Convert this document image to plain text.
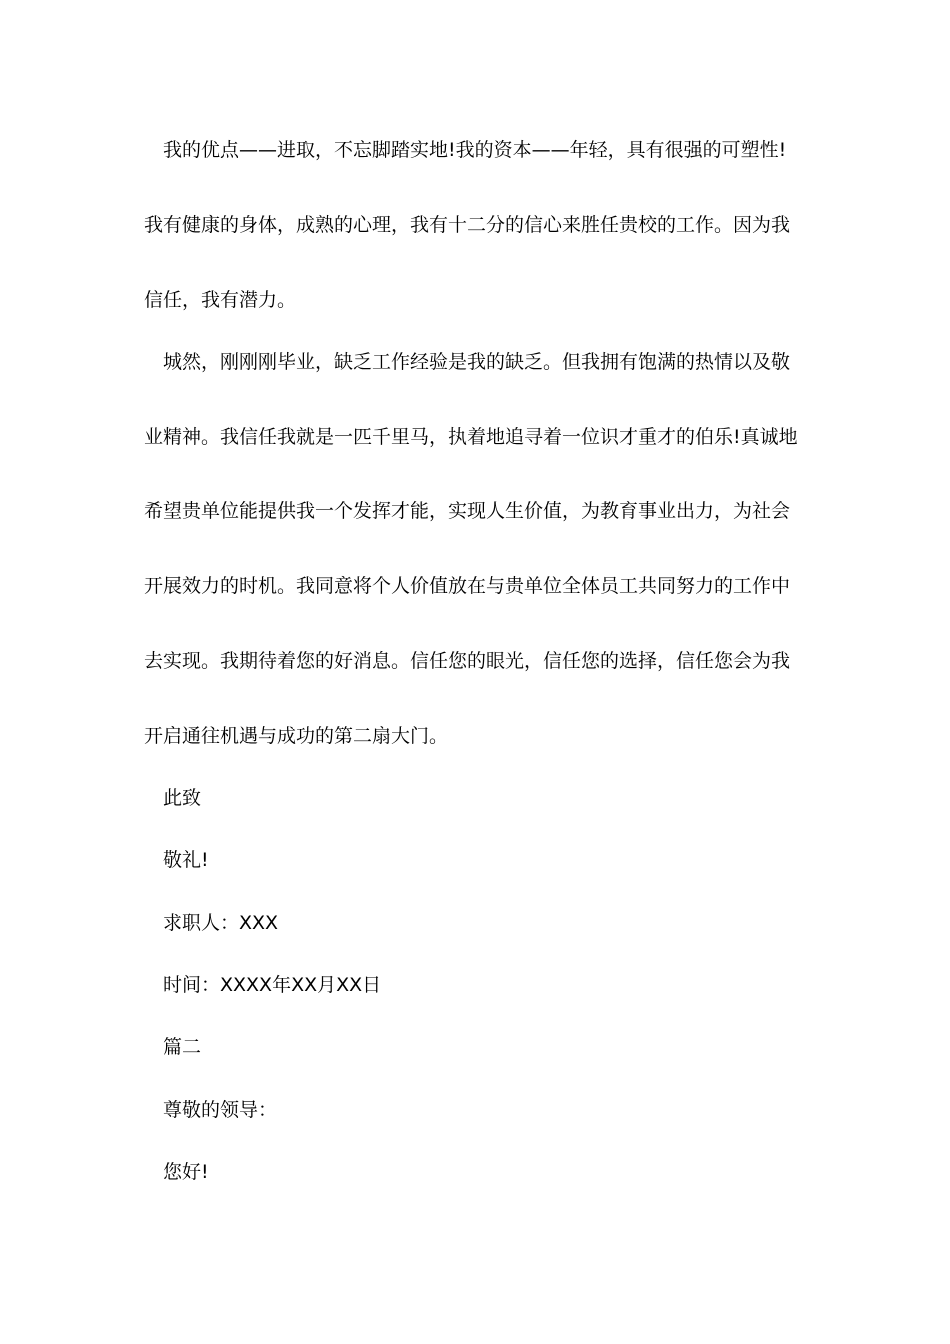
我的优点——进取，不忘脚踏实地!我的资本——年轻，具有很强的可塑性!
我有健康的身体，成熟的心理，我有十二分的信心来胜任贵校的工作。因为我
信任，我有潜力。
城然，刚刚刚毕业，缺乏工作经验是我的缺乏。但我拥有饱满的热情以及敬
业精神。我信任我就是一匹千里马，执着地追寻着一位识才重才的伯乐!真诚地
希望贵单位能提供我一个发挥才能，实现人生价值，为教育事业出力，为社会
开展效力的时机。我同意将个人价值放在与贵单位全体员工共同努力的工作中
去实现。我期待着您的好消息。信任您的眼光，信任您的选择，信任您会为我
开启通往机遇与成功的第二扇大门。
此致
敬礼!
求职人：XXX
时间：XXXX年XX月XX日
篇二
尊敬的领导：
您好!
